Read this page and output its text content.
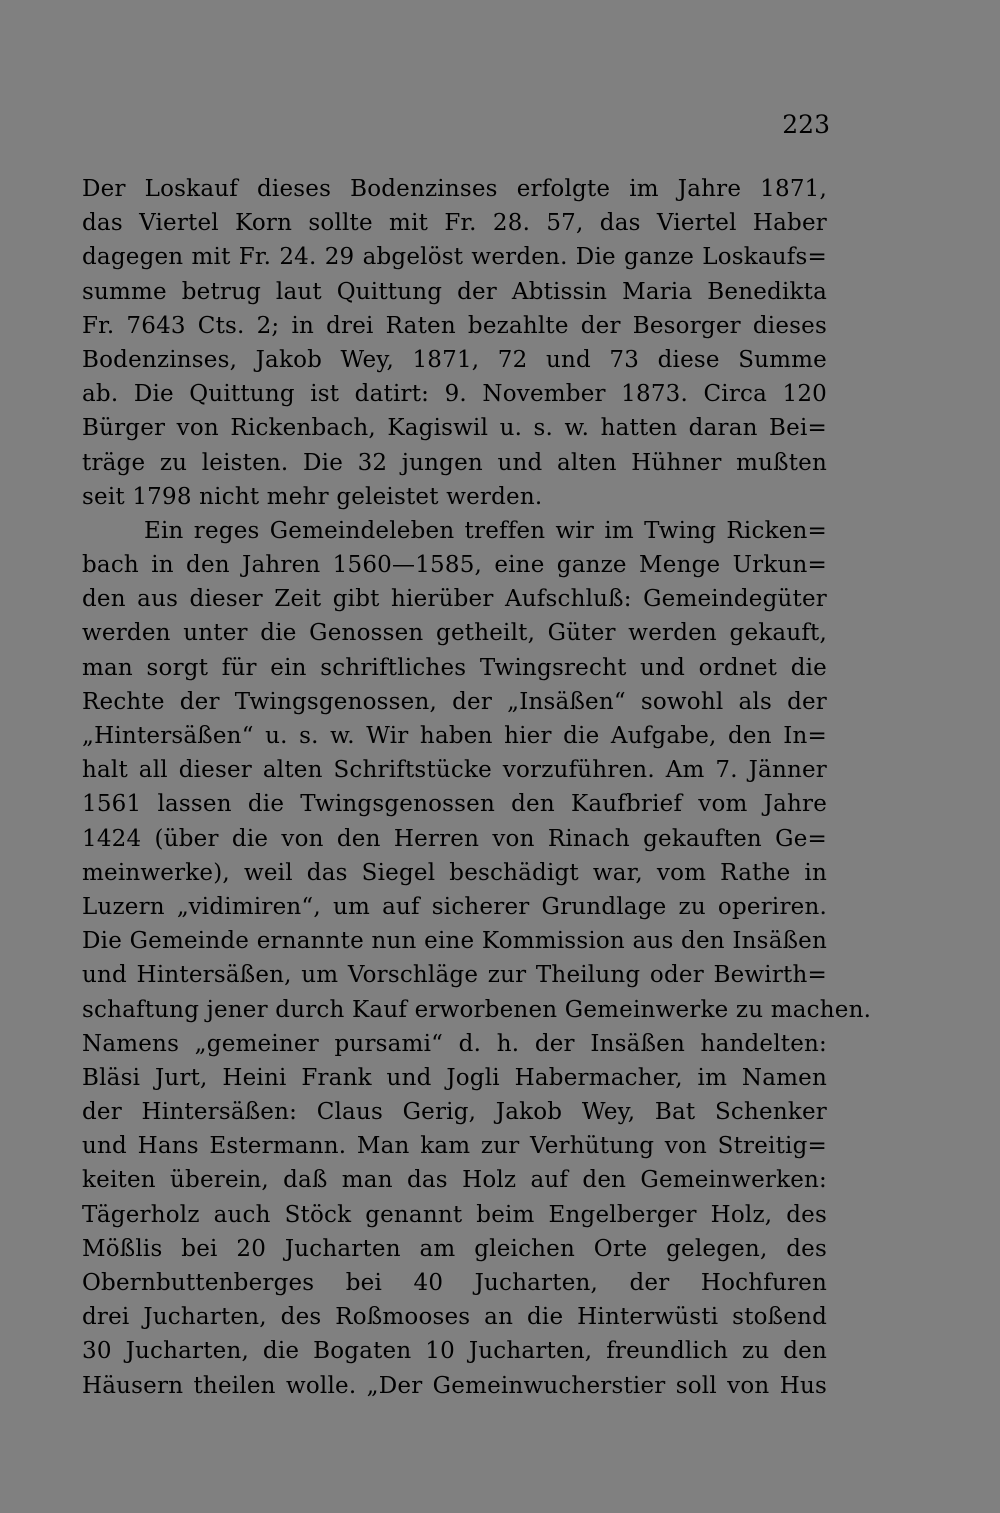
223
Der Loskauf dieses Bodenzinses erfolgte im Jahre 1871,
das Viertel Korn sollte mit Fr. 28. 57, das Viertel Haber
dagegen mit Fr. 24. 29 abgelöst werden. Die ganze Loskaufs=
summe betrug laut Quittung der Abtissin Maria Benedikta
Fr. 7643 Cts. 2; in drei Raten bezahlte der Besorger dieses
Bodenzinses, Jakob Wey, 1871, 72 und 73 diese Summe
ab. Die Quittung ist datirt: 9. November 1873. Circa 120
Bürger von Rickenbach, Kagiswil u. s. w. hatten daran Bei=
träge zu leisten. Die 32 jungen und alten Hühner mußten
seit 1798 nicht mehr geleistet werden.
Ein reges Gemeindeleben treffen wir im Twing Ricken=
bach in den Jahren 1560—1585, eine ganze Menge Urkun=
den aus dieser Zeit gibt hierüber Aufschluß: Gemeindegüter
werden unter die Genossen getheilt, Güter werden gekauft,
man sorgt für ein schriftliches Twingsrecht und ordnet die
Rechte der Twingsgenossen, der „Insäßen“ sowohl als der
„Hintersäßen“ u. s. w. Wir haben hier die Aufgabe, den In=
halt all dieser alten Schriftstücke vorzuführen. Am 7. Jänner
1561 lassen die Twingsgenossen den Kaufbrief vom Jahre
1424 (über die von den Herren von Rinach gekauften Ge=
meinwerke), weil das Siegel beschädigt war, vom Rathe in
Luzern „vidimiren“, um auf sicherer Grundlage zu operiren.
Die Gemeinde ernannte nun eine Kommission aus den Insäßen
und Hintersäßen, um Vorschläge zur Theilung oder Bewirth=
schaftung jener durch Kauf erworbenen Gemeinwerke zu machen.
Namens „gemeiner pursami“ d. h. der Insäßen handelten:
Bläsi Jurt, Heini Frank und Jogli Habermacher, im Namen
der Hintersäßen: Claus Gerig, Jakob Wey, Bat Schenker
und Hans Estermann. Man kam zur Verhütung von Streitig=
keiten überein, daß man das Holz auf den Gemeinwerken:
Tägerholz auch Stöck genannt beim Engelberger Holz, des
Mößlis bei 20 Jucharten am gleichen Orte gelegen, des
Obernbuttenberges bei 40 Jucharten, der Hochfuren
drei Jucharten, des Roßmooses an die Hinterwüsti stoßend
30 Jucharten, die Bogaten 10 Jucharten, freundlich zu den
Häusern theilen wolle. „Der Gemeinwucherstier soll von Hus
